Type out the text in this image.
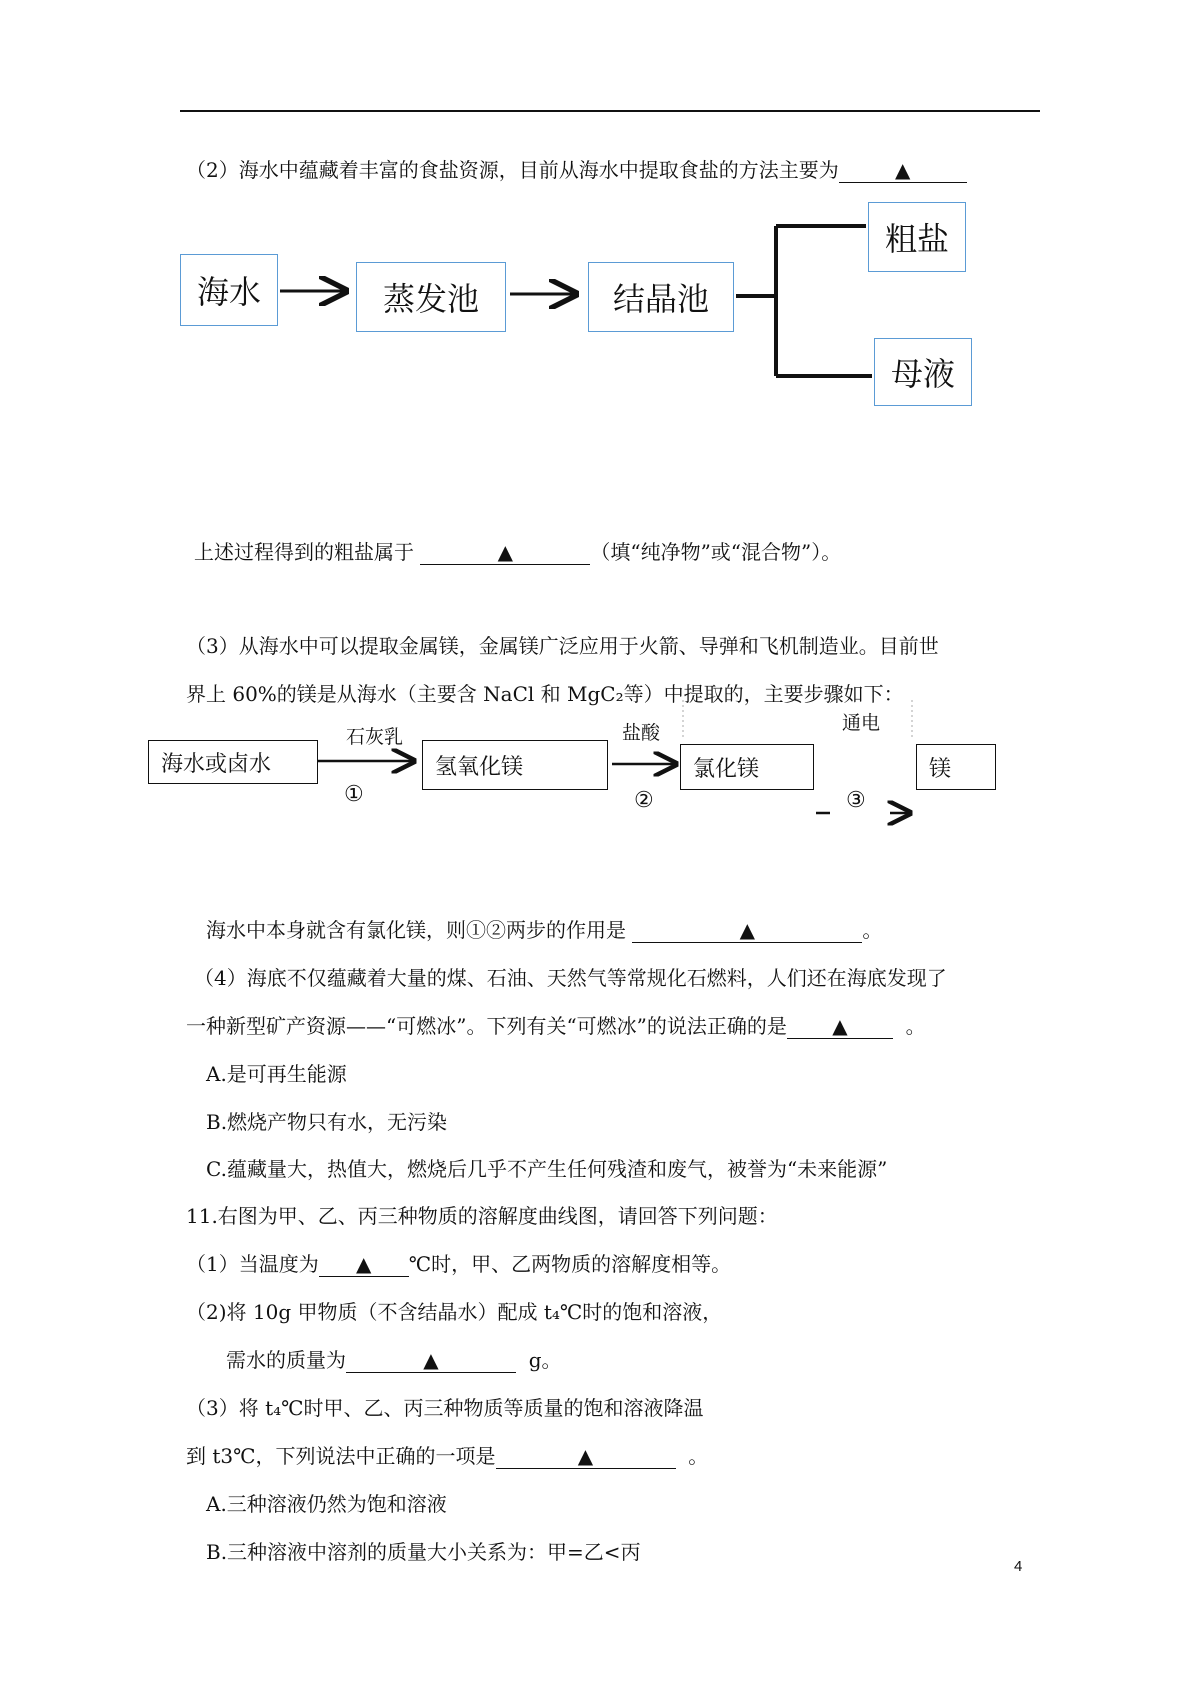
（2）海水中蕴藏着丰富的食盐资源，目前从海水中提取食盐的方法主要为	▲
海水	蒸发池	结晶池
粗盐
母液
上述过程得到的粗盐属于	▲	（填“纯净物”或“混合物”）。
（3）从海水中可以提取金属镁，金属镁广泛应用于火箭、导弹和飞机制造业。目前世
界上 60%的镁是从海水（主要含 NaCl 和 MgC₂等）中提取的，主要步骤如下：
海水或卤水	氢氧化镁	氯化镁	镁
石灰乳	盐酸	通电
①	②	③
海水中本身就含有氯化镁，则①②两步的作用是	▲	。
（4）海底不仅蕴藏着大量的煤、石油、天然气等常规化石燃料，人们还在海底发现了
一种新型矿产资源——“可燃冰”。下列有关“可燃冰”的说法正确的是 ▲	。
A.是可再生能源
B.燃烧产物只有水，无污染
C.蕴藏量大，热值大，燃烧后几乎不产生任何残渣和废气，被誉为“未来能源”
11.右图为甲、乙、丙三种物质的溶解度曲线图，请回答下列问题：
（1）当温度为 ▲ ℃时，甲、乙两物质的溶解度相等。
（2)将 10g 甲物质（不含结晶水）配成 t₄℃时的饱和溶液，
需水的质量为	▲	g。
（3）将 t₄℃时甲、乙、丙三种物质等质量的饱和溶液降温
到 t3℃，下列说法中正确的一项是	▲	。
A.三种溶液仍然为饱和溶液
B.三种溶液中溶剂的质量大小关系为：甲=乙<丙
4
